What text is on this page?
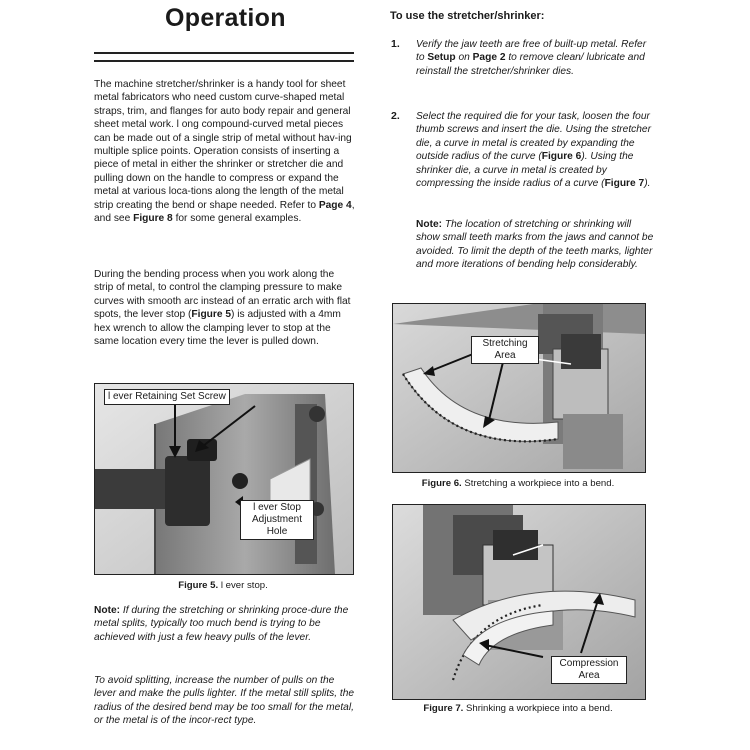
Operation

The machine stretcher/shrinker is a handy tool for sheet metal fabricators who need custom curve-shaped metal straps, trim, and flanges for auto body repair and general sheet metal work. l ong compound-curved metal pieces can be made out of a single strip of metal without hav-ing multiple splice points. Operation consists of inserting a piece of metal in either the shrinker or stretcher die and pulling down on the handle to compress or expand the metal at various loca-tions along the length of the metal strip creating the bend or shape needed. Refer to Page 4, and see Figure 8 for some general examples.

During the bending process when you work along the strip of metal, to control the clamping pressure to make curves with smooth arc instead of an erratic arch with flat spots, the lever stop (Figure 5) is adjusted with a 4mm hex wrench to allow the clamping lever to stop at the same location every time the lever is pulled down.

l ever Retaining Set Screw
l ever Stop Adjustment Hole
Figure 5. l ever stop.

Note: If during the stretching or shrinking proce-dure the metal splits, typically too much bend is trying to be achieved with just a few heavy pulls of the lever.

To avoid splitting, increase the number of pulls on the lever and make the pulls lighter. If the metal still splits, the radius of the desired bend may be too small for the metal, or the metal is of the incor-rect type.

To use the stretcher/shrinker:

1. Verify the jaw teeth are free of built-up metal. Refer to Setup on Page 2 to remove clean/ lubricate and reinstall the stretcher/shrinker dies.

2. Select the required die for your task, loosen the four thumb screws and insert the die. Using the stretcher die, a curve in metal is created by expanding the outside radius of the curve (Figure 6). Using the shrinker die, a curve in metal is created by compressing the inside radius of a curve (Figure 7).

Note: The location of stretching or shrinking will show small teeth marks from the jaws and cannot be avoided. To limit the depth of the teeth marks, lighter and more iterations of bending help considerably.

Stretching Area
Figure 6. Stretching a workpiece into a bend.
Compression Area
Figure 7. Shrinking a workpiece into a bend.
